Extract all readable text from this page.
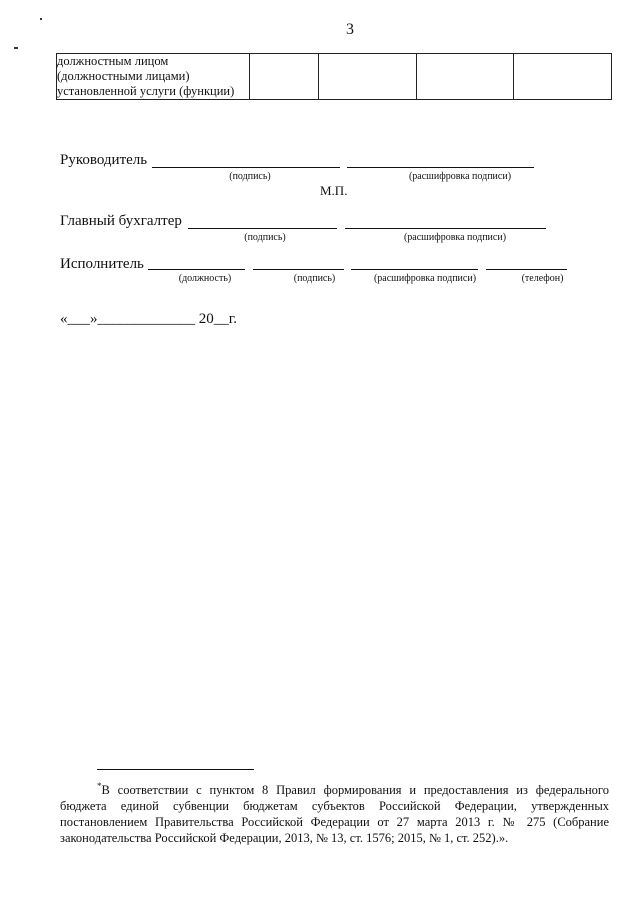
3
должностным лицом
(должностными лицами)
установленной услуги (функции)

Руководитель
(подпись)	(расшифровка подписи)
М.П.
Главный бухгалтер
(подпись)	(расшифровка подписи)
Исполнитель
(должность)	(подпись)	(расшифровка подписи)	(телефон)
«___»_____________ 20__г.
*В соответствии с пунктом 8 Правил формирования и предоставления из федерального бюджета единой субвенции бюджетам субъектов Российской Федерации, утвержденных постановлением Правительства Российской Федерации от 27 марта 2013 г. № 275 (Собрание законодательства Российской Федерации, 2013, № 13, ст. 1576; 2015, № 1, ст. 252).».
